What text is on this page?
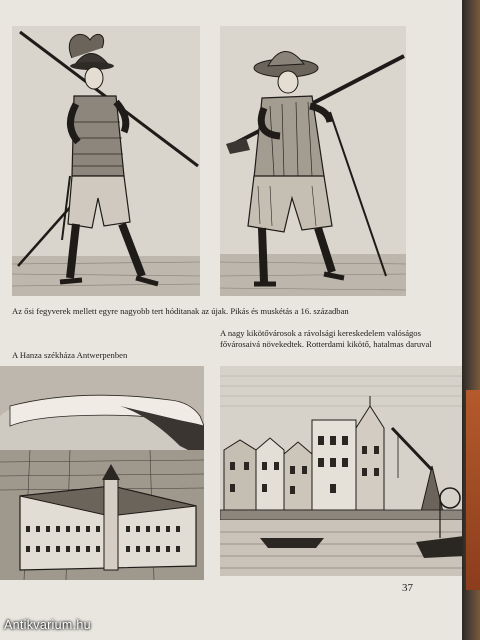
Az ősi fegyverek mellett egyre nagyobb tert hóditanak az újak. Pikás és muskétás a 16. században
A Hanza székháza Antwerpenben
A nagy kikötővárosok a rávolsági kereskedelem valóságos fővárosaivá növekedtek. Rotterdami kikötő, hatalmas daruval
37
Antikvarium.hu
